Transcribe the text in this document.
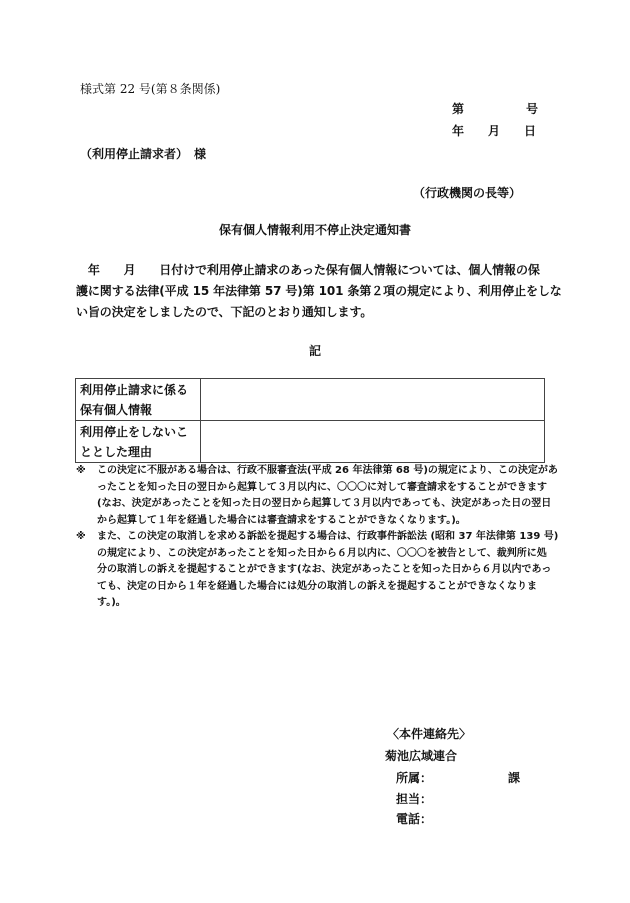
様式第 22 号(第８条関係)
第	号
年 月 日
（利用停止請求者）　様
（行政機関の長等）
保有個人情報利用不停止決定通知書

　年　　月　　日付けで利用停止請求のあった保有個人情報については、個人情報の保

護に関する法律(平成 15 年法律第 57 号)第 101 条第２項の規定により、利用停止をしな

い旨の決定をしましたので、下記のとおり通知します。

記
利用停止請求に係る
保有個人情報	

利用停止をしないこ
ととした理由	

※ この決定に不服がある場合は、行政不服審査法(平成 26 年法律第 68 号)の規定により、この決定があ
ったことを知った日の翌日から起算して３月以内に、〇〇〇に対して審査請求をすることができます
(なお、決定があったことを知った日の翌日から起算して３月以内であっても、決定があった日の翌日
から起算して１年を経過した場合には審査請求をすることができなくなります。)。
※ また、この決定の取消しを求める訴訟を提起する場合は、行政事件訴訟法 (昭和 37 年法律第 139 号)
の規定により、この決定があったことを知った日から６月以内に、〇〇〇を被告として、裁判所に処
分の取消しの訴えを提起することができます(なお、決定があったことを知った日から６月以内であっ
ても、決定の日から１年を経過した場合には処分の取消しの訴えを提起することができなくなりま
す。)。
〈本件連絡先〉
菊池広域連合
所属：	課
担当：
電話：
